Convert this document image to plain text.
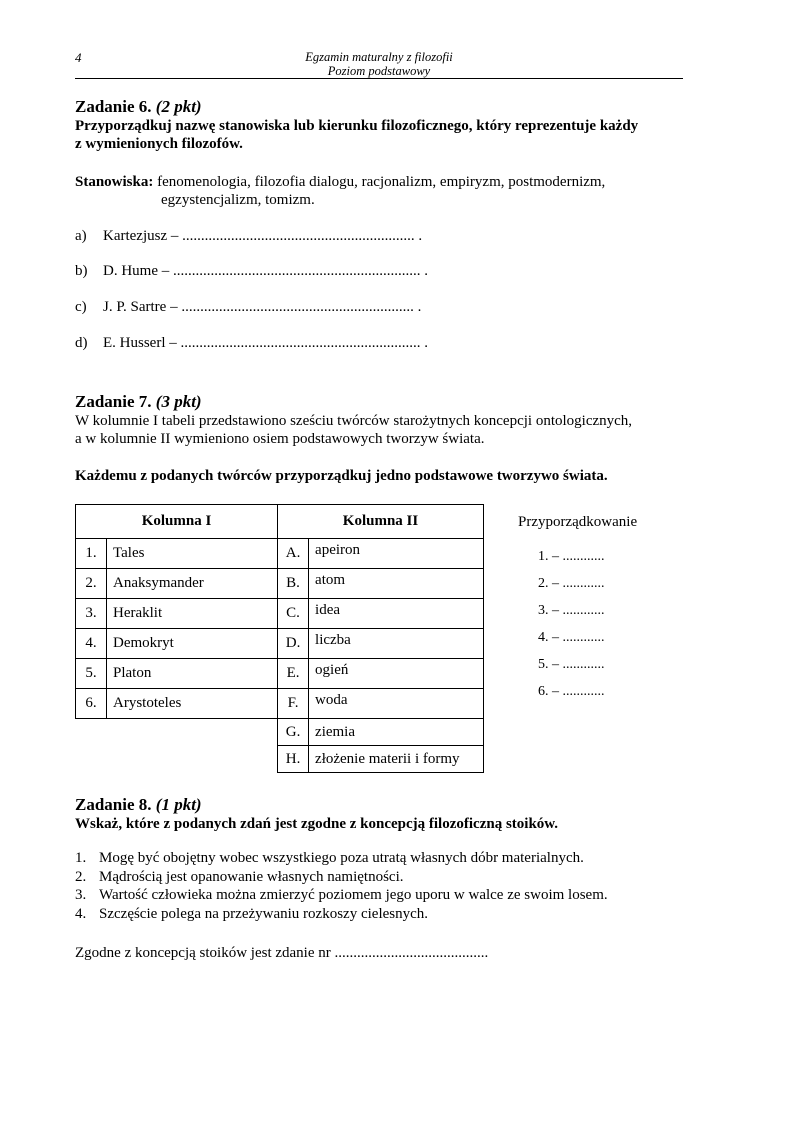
4	Egzamin maturalny z filozofii
Poziom podstawowy
Zadanie 6. (2 pkt)
Przyporządkuj nazwę stanowiska lub kierunku filozoficznego, który reprezentuje każdy
z wymienionych filozofów.
Stanowiska: fenomenologia, filozofia dialogu, racjonalizm, empiryzm, postmodernizm,
egzystencjalizm, tomizm.
a) Kartezjusz – .............................................................. .
b) D. Hume – .................................................................. .
c) J. P. Sartre – .............................................................. .
d) E. Husserl – ................................................................ .
Zadanie 7. (3 pkt)
W kolumnie I tabeli przedstawiono sześciu twórców starożytnych koncepcji ontologicznych,
a w kolumnie II wymieniono osiem podstawowych tworzyw świata.
Każdemu z podanych twórców przyporządkuj jedno podstawowe tworzywo świata.
Kolumna I		Kolumna II	
1.	Tales	A.	apeiron
2.	Anaksymander	B.	atom
3.	Heraklit	C.	idea
4.	Demokryt	D.	liczba
5.	Platon	E.	ogień
6.	Arystoteles	F.	woda
		G.	ziemia
		H.	złożenie materii i formy
Przyporządkowanie
1. – ............
2. – ............
3. – ............
4. – ............
5. – ............
6. – ............
Zadanie 8. (1 pkt)
Wskaż, które z podanych zdań jest zgodne z koncepcją filozoficzną stoików.
1. Mogę być obojętny wobec wszystkiego poza utratą własnych dóbr materialnych.
2. Mądrością jest opanowanie własnych namiętności.
3. Wartość człowieka można zmierzyć poziomem jego uporu w walce ze swoim losem.
4. Szczęście polega na przeżywaniu rozkoszy cielesnych.
Zgodne z koncepcją stoików jest zdanie nr .........................................
